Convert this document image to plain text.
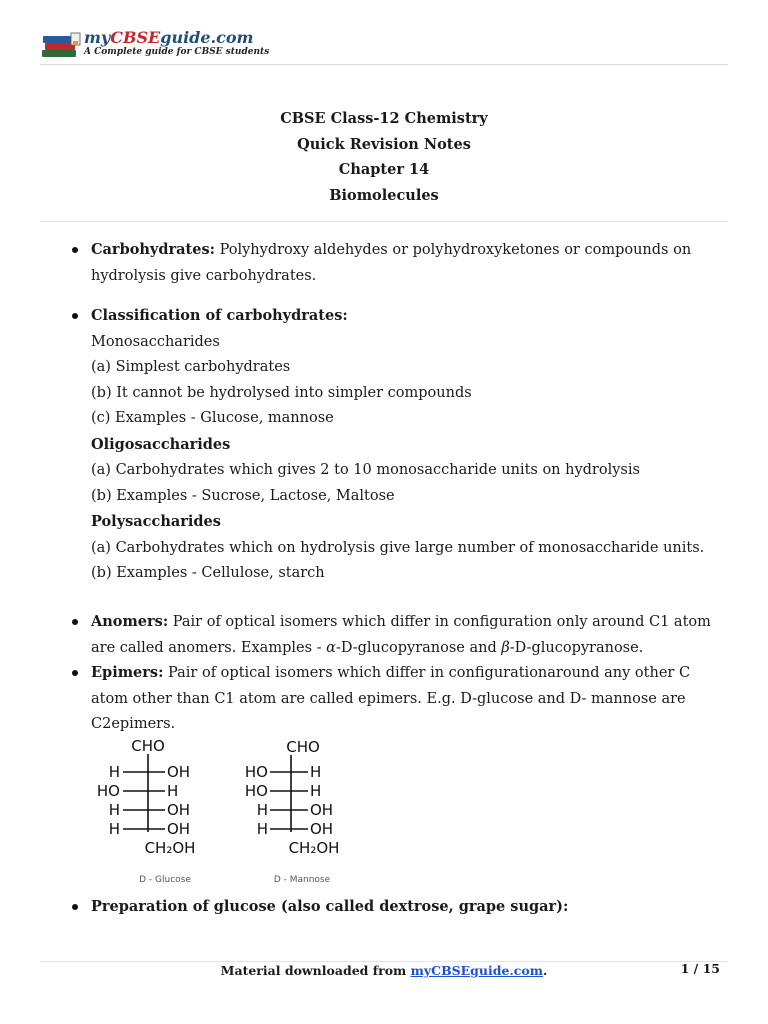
myCBSEguide.com
A Complete guide for CBSE students
CBSE Class-12 Chemistry
Quick Revision Notes
Chapter 14
Biomolecules
Carbohydrates: Polyhydroxy aldehydes or polyhydroxyketones or compounds on
hydrolysis give carbohydrates.
Classification of carbohydrates:
Monosaccharides
(a) Simplest carbohydrates
(b) It cannot be hydrolysed into simpler compounds
(c) Examples - Glucose, mannose
Oligosaccharides
(a) Carbohydrates which gives 2 to 10 monosaccharide units on hydrolysis
(b) Examples - Sucrose, Lactose, Maltose
Polysaccharides
(a) Carbohydrates which on hydrolysis give large number of monosaccharide units.
(b) Examples - Cellulose, starch
Anomers: Pair of optical isomers which differ in configuration only around C1 atom
are called anomers. Examples - α-D-glucopyranose and β-D-glucopyranose.
Epimers: Pair of optical isomers which differ in configurationaround any other C
atom other than C1 atom are called epimers. E.g. D-glucose and D- mannose are
C2epimers.
CHO
H	OH
HO	H
H	OH
H	OH
CH₂OH
D - Glucose
CHO
HO	H
HO	H
H	OH
H	OH
CH₂OH
D - Mannose
Preparation of glucose (also called dextrose, grape sugar):
Material downloaded from myCBSEguide.com.	1 / 15
